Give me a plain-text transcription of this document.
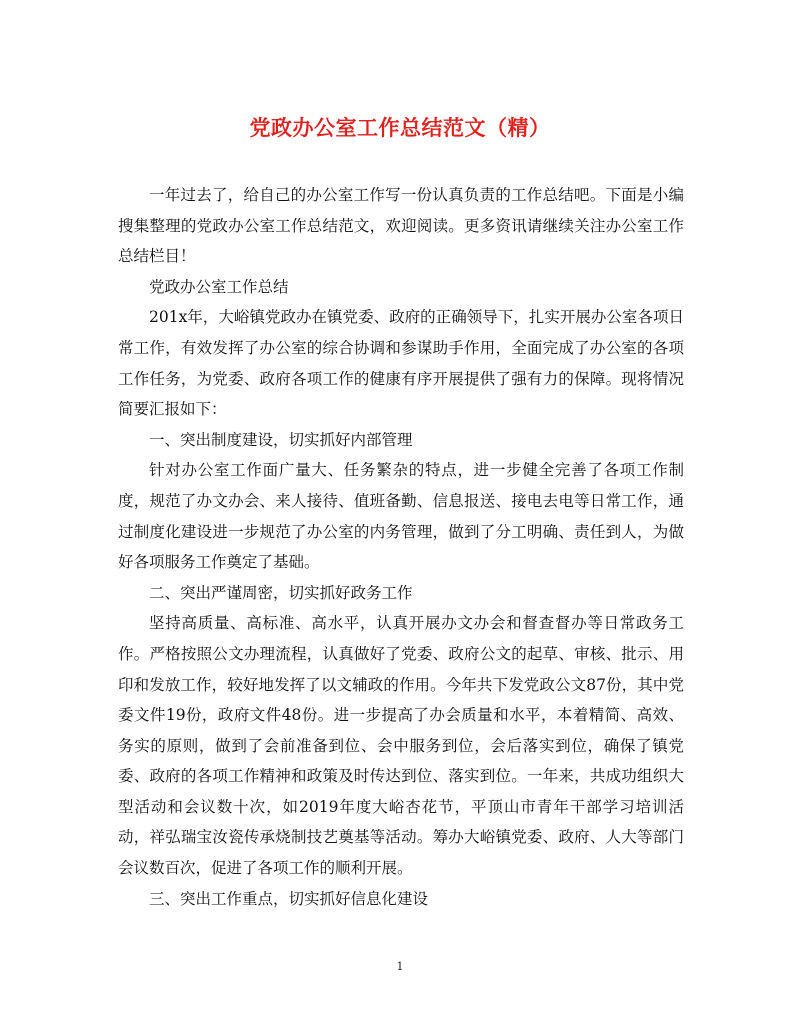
党政办公室工作总结范文（精）

一年过去了，给自己的办公室工作写一份认真负责的工作总结吧。下面是小编搜集整理的党政办公室工作总结范文，欢迎阅读。更多资讯请继续关注办公室工作总结栏目！

党政办公室工作总结

201x年，大峪镇党政办在镇党委、政府的正确领导下，扎实开展办公室各项日常工作，有效发挥了办公室的综合协调和参谋助手作用，全面完成了办公室的各项工作任务，为党委、政府各项工作的健康有序开展提供了强有力的保障。现将情况简要汇报如下：

一、突出制度建设，切实抓好内部管理

针对办公室工作面广量大、任务繁杂的特点，进一步健全完善了各项工作制度，规范了办文办会、来人接待、值班备勤、信息报送、接电去电等日常工作，通过制度化建设进一步规范了办公室的内务管理，做到了分工明确、责任到人，为做好各项服务工作奠定了基础。

二、突出严谨周密，切实抓好政务工作

坚持高质量、高标准、高水平，认真开展办文办会和督查督办等日常政务工作。严格按照公文办理流程，认真做好了党委、政府公文的起草、审核、批示、用印和发放工作，较好地发挥了以文辅政的作用。今年共下发党政公文87份，其中党委文件19份，政府文件48份。进一步提高了办会质量和水平，本着精简、高效、务实的原则，做到了会前准备到位、会中服务到位，会后落实到位，确保了镇党委、政府的各项工作精神和政策及时传达到位、落实到位。一年来，共成功组织大型活动和会议数十次，如2019年度大峪杏花节，平顶山市青年干部学习培训活动，祥弘瑞宝汝瓷传承烧制技艺奠基等活动。筹办大峪镇党委、政府、人大等部门会议数百次，促进了各项工作的顺利开展。

三、突出工作重点，切实抓好信息化建设

1
